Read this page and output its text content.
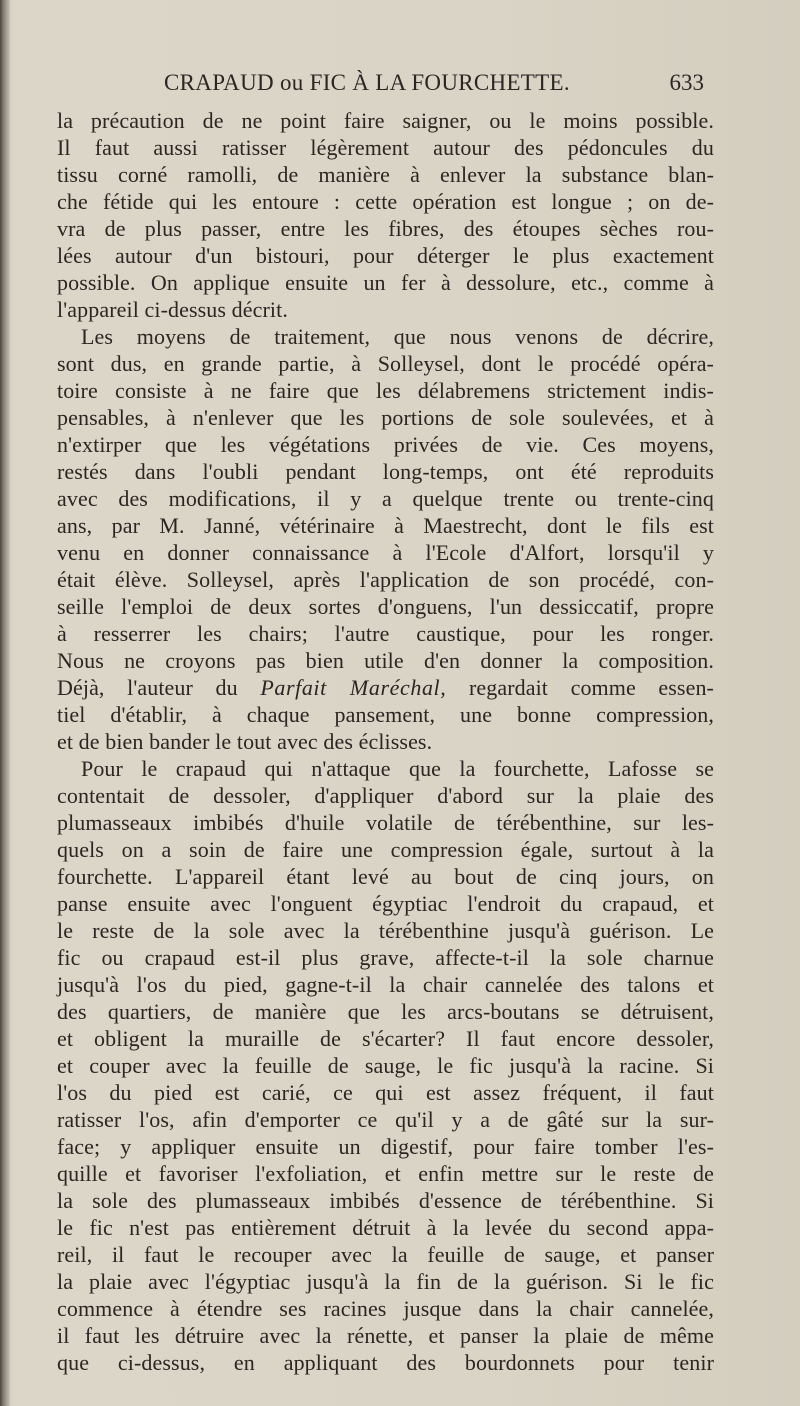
CRAPAUD ou FIC À LA FOURCHETTE.	633
la précaution de ne point faire saigner, ou le moins possible.
Il faut aussi ratisser légèrement autour des pédoncules du
tissu corné ramolli, de manière à enlever la substance blan-
che fétide qui les entoure : cette opération est longue ; on de-
vra de plus passer, entre les fibres, des étoupes sèches rou-
lées autour d'un bistouri, pour déterger le plus exactement
possible. On applique ensuite un fer à dessolure, etc., comme à
l'appareil ci-dessus décrit.
Les moyens de traitement, que nous venons de décrire,
sont dus, en grande partie, à Solleysel, dont le procédé opéra-
toire consiste à ne faire que les délabremens strictement indis-
pensables, à n'enlever que les portions de sole soulevées, et à
n'extirper que les végétations privées de vie. Ces moyens,
restés dans l'oubli pendant long-temps, ont été reproduits
avec des modifications, il y a quelque trente ou trente-cinq
ans, par M. Janné, vétérinaire à Maestrecht, dont le fils est
venu en donner connaissance à l'Ecole d'Alfort, lorsqu'il y
était élève. Solleysel, après l'application de son procédé, con-
seille l'emploi de deux sortes d'onguens, l'un dessiccatif, propre
à resserrer les chairs; l'autre caustique, pour les ronger.
Nous ne croyons pas bien utile d'en donner la composition.
Déjà, l'auteur du Parfait Maréchal, regardait comme essen-
tiel d'établir, à chaque pansement, une bonne compression,
et de bien bander le tout avec des éclisses.
Pour le crapaud qui n'attaque que la fourchette, Lafosse se
contentait de dessoler, d'appliquer d'abord sur la plaie des
plumasseaux imbibés d'huile volatile de térébenthine, sur les-
quels on a soin de faire une compression égale, surtout à la
fourchette. L'appareil étant levé au bout de cinq jours, on
panse ensuite avec l'onguent égyptiac l'endroit du crapaud, et
le reste de la sole avec la térébenthine jusqu'à guérison. Le
fic ou crapaud est-il plus grave, affecte-t-il la sole charnue
jusqu'à l'os du pied, gagne-t-il la chair cannelée des talons et
des quartiers, de manière que les arcs-boutans se détruisent,
et obligent la muraille de s'écarter? Il faut encore dessoler,
et couper avec la feuille de sauge, le fic jusqu'à la racine. Si
l'os du pied est carié, ce qui est assez fréquent, il faut
ratisser l'os, afin d'emporter ce qu'il y a de gâté sur la sur-
face; y appliquer ensuite un digestif, pour faire tomber l'es-
quille et favoriser l'exfoliation, et enfin mettre sur le reste de
la sole des plumasseaux imbibés d'essence de térébenthine. Si
le fic n'est pas entièrement détruit à la levée du second appa-
reil, il faut le recouper avec la feuille de sauge, et panser
la plaie avec l'égyptiac jusqu'à la fin de la guérison. Si le fic
commence à étendre ses racines jusque dans la chair cannelée,
il faut les détruire avec la rénette, et panser la plaie de même
que ci-dessus, en appliquant des bourdonnets pour tenir
